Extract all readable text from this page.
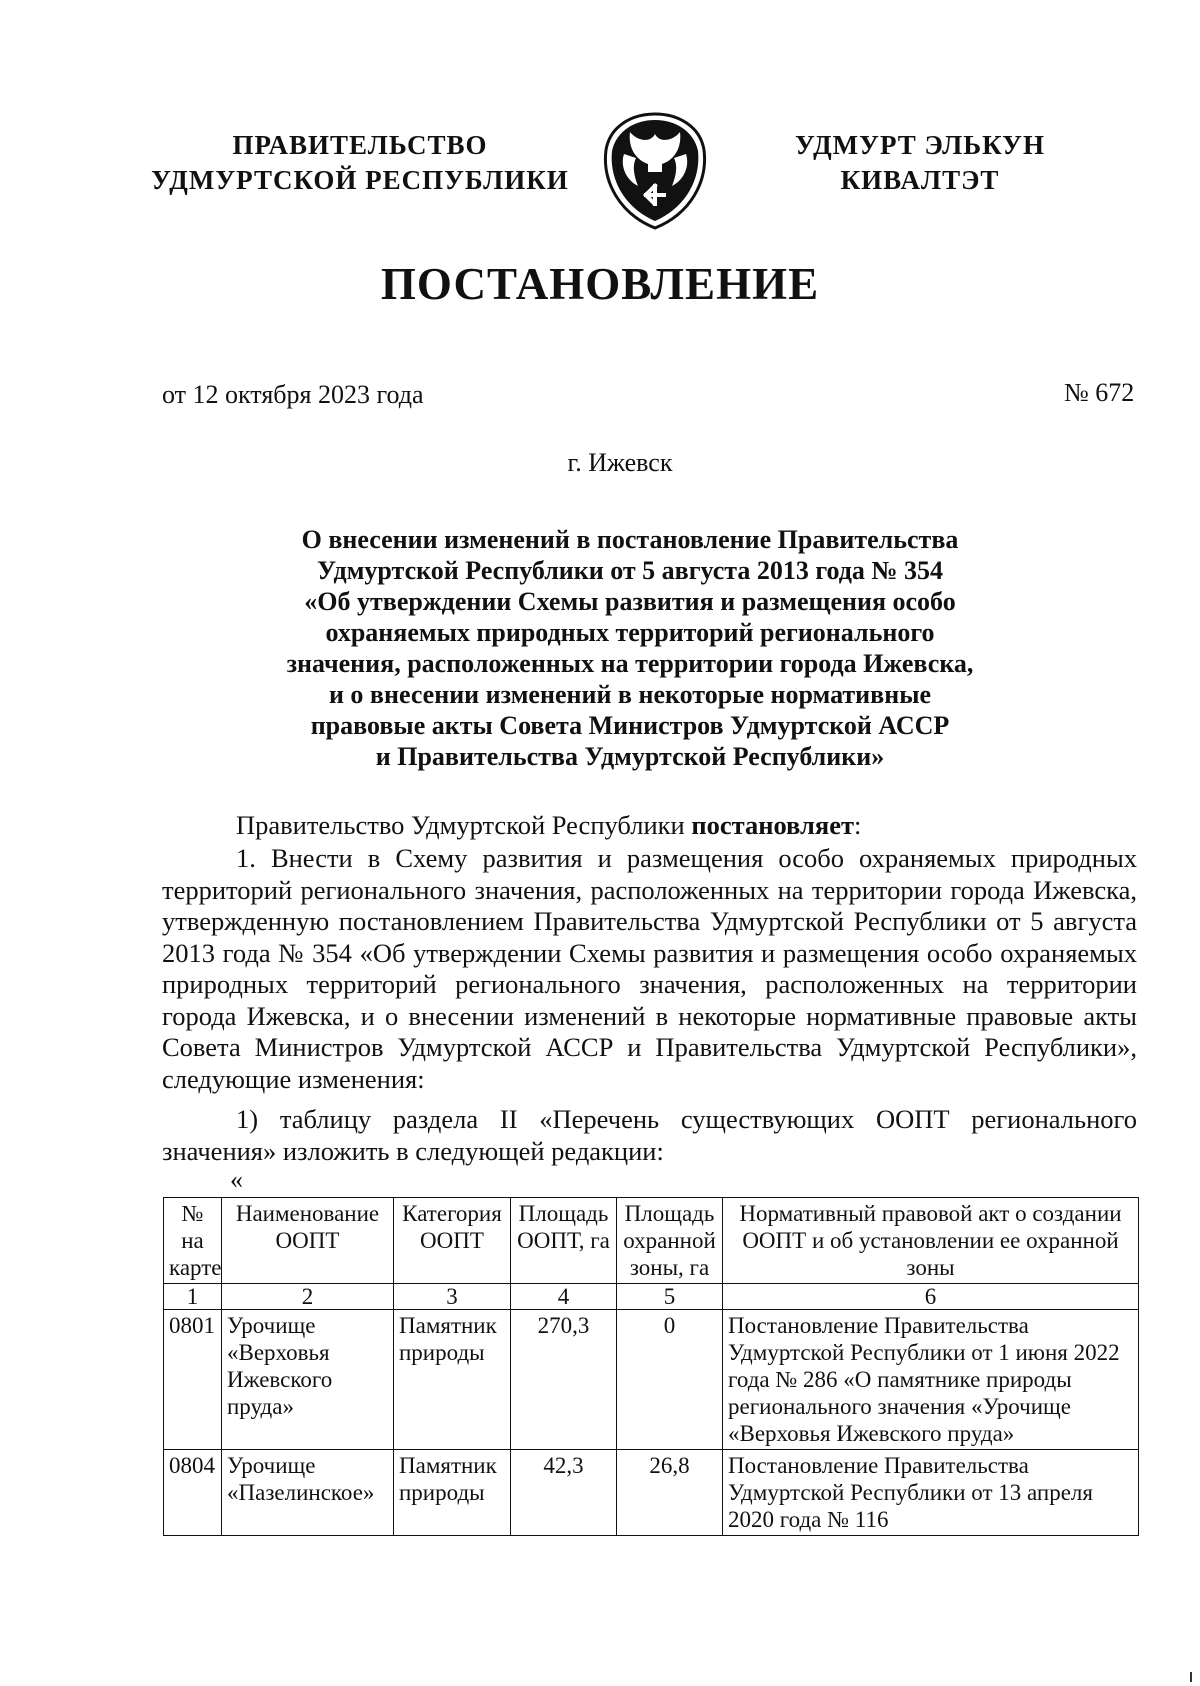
ПРАВИТЕЛЬСТВО
УДМУРТСКОЙ РЕСПУБЛИКИ
УДМУРТ ЭЛЬКУН
КИВАЛТЭТ
ПОСТАНОВЛЕНИЕ
от 12 октября 2023 года	№ 672
г. Ижевск
О внесении изменений в постановление Правительства
Удмуртской Республики от 5 августа 2013 года № 354
«Об утверждении Схемы развития и размещения особо
охраняемых природных территорий регионального
значения, расположенных на территории города Ижевска,
и о внесении изменений в некоторые нормативные
правовые акты Совета Министров Удмуртской АССР
и Правительства Удмуртской Республики»
Правительство Удмуртской Республики постановляет:
1. Внести в Схему развития и размещения особо охраняемых природных территорий регионального значения, расположенных на территории города Ижевска, утвержденную постановлением Правительства Удмуртской Республики от 5 августа 2013 года № 354 «Об утверждении Схемы развития и размещения особо охраняемых природных территорий регионального значения, расположенных на территории города Ижевска, и о внесении изменений в некоторые нормативные правовые акты Совета Министров Удмуртской АССР и Правительства Удмуртской Республики», следующие изменения:
1) таблицу раздела II «Перечень существующих ООПТ регионального значения» изложить в следующей редакции:
«
№ на карте	Наименование ООПТ	Категория ООПТ	Площадь ООПТ, га	Площадь охранной зоны, га	Нормативный правовой акт о создании ООПТ и об установлении ее охранной зоны
1	2	3	4	5	6
0801	Урочище «Верховья Ижевского пруда»	Памятник природы	270,3	0	Постановление Правительства Удмуртской Республики от 1 июня 2022 года № 286 «О памятнике природы регионального значения «Урочище «Верховья Ижевского пруда»
0804	Урочище «Пазелинское»	Памятник природы	42,3	26,8	Постановление Правительства Удмуртской Республики от 13 апреля 2020 года № 116
